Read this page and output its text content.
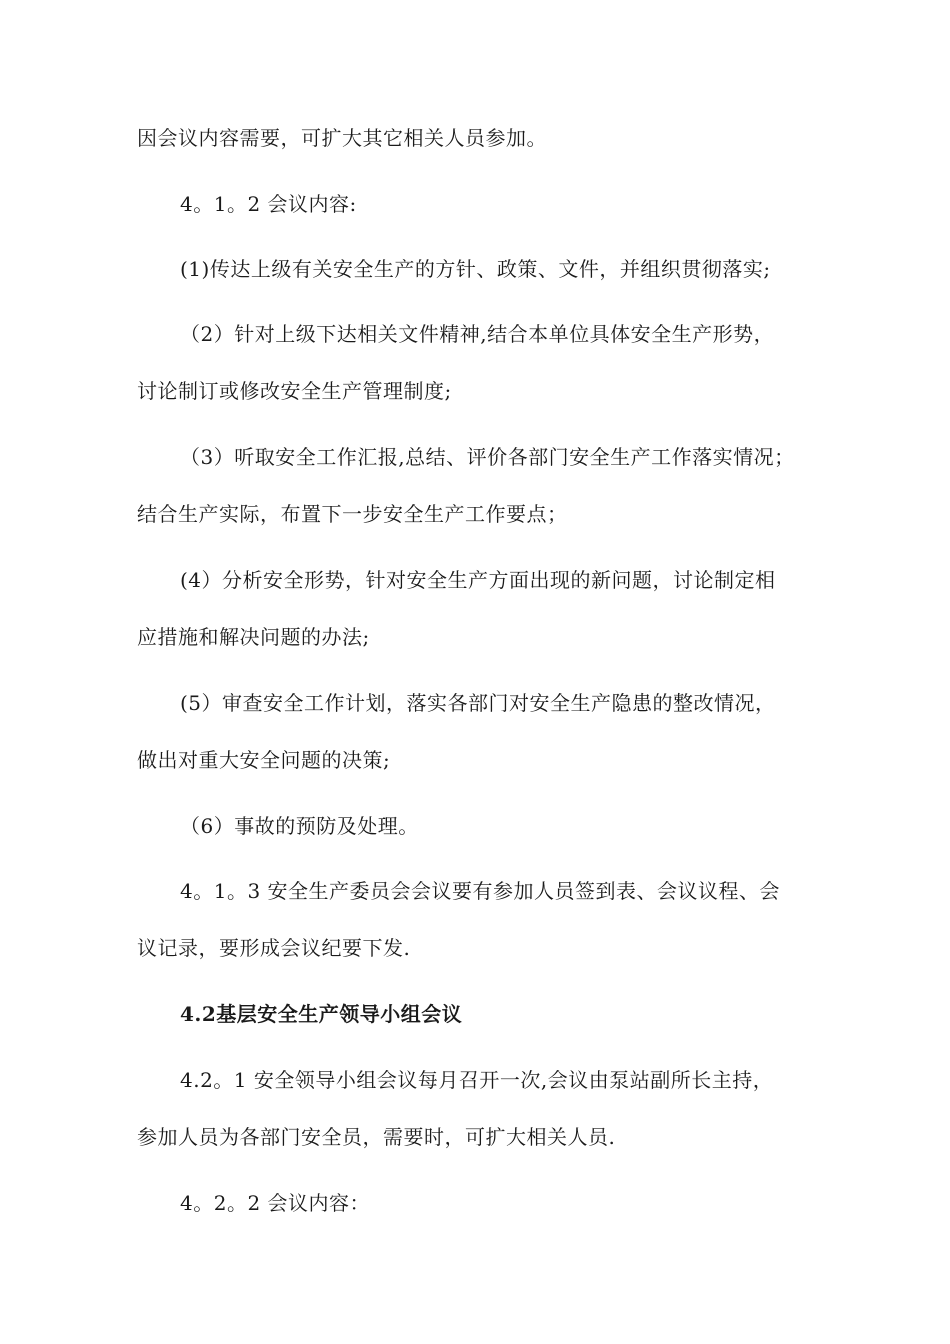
因会议内容需要，可扩大其它相关人员参加。
4。1。2 会议内容:
(1)传达上级有关安全生产的方针、政策、文件，并组织贯彻落实;
（2）针对上级下达相关文件精神,结合本单位具体安全生产形势，
讨论制订或修改安全生产管理制度;
（3）听取安全工作汇报,总结、评价各部门安全生产工作落实情况；
结合生产实际，布置下一步安全生产工作要点；
(4）分析安全形势，针对安全生产方面出现的新问题，讨论制定相
应措施和解决问题的办法;
(5）审查安全工作计划，落实各部门对安全生产隐患的整改情况，
做出对重大安全问题的决策;
（6）事故的预防及处理。
4。1。3 安全生产委员会会议要有参加人员签到表、会议议程、会
议记录，要形成会议纪要下发.
4.2基层安全生产领导小组会议
4.2。1 安全领导小组会议每月召开一次,会议由泵站副所长主持，
参加人员为各部门安全员，需要时，可扩大相关人员.
4。2。2 会议内容：
